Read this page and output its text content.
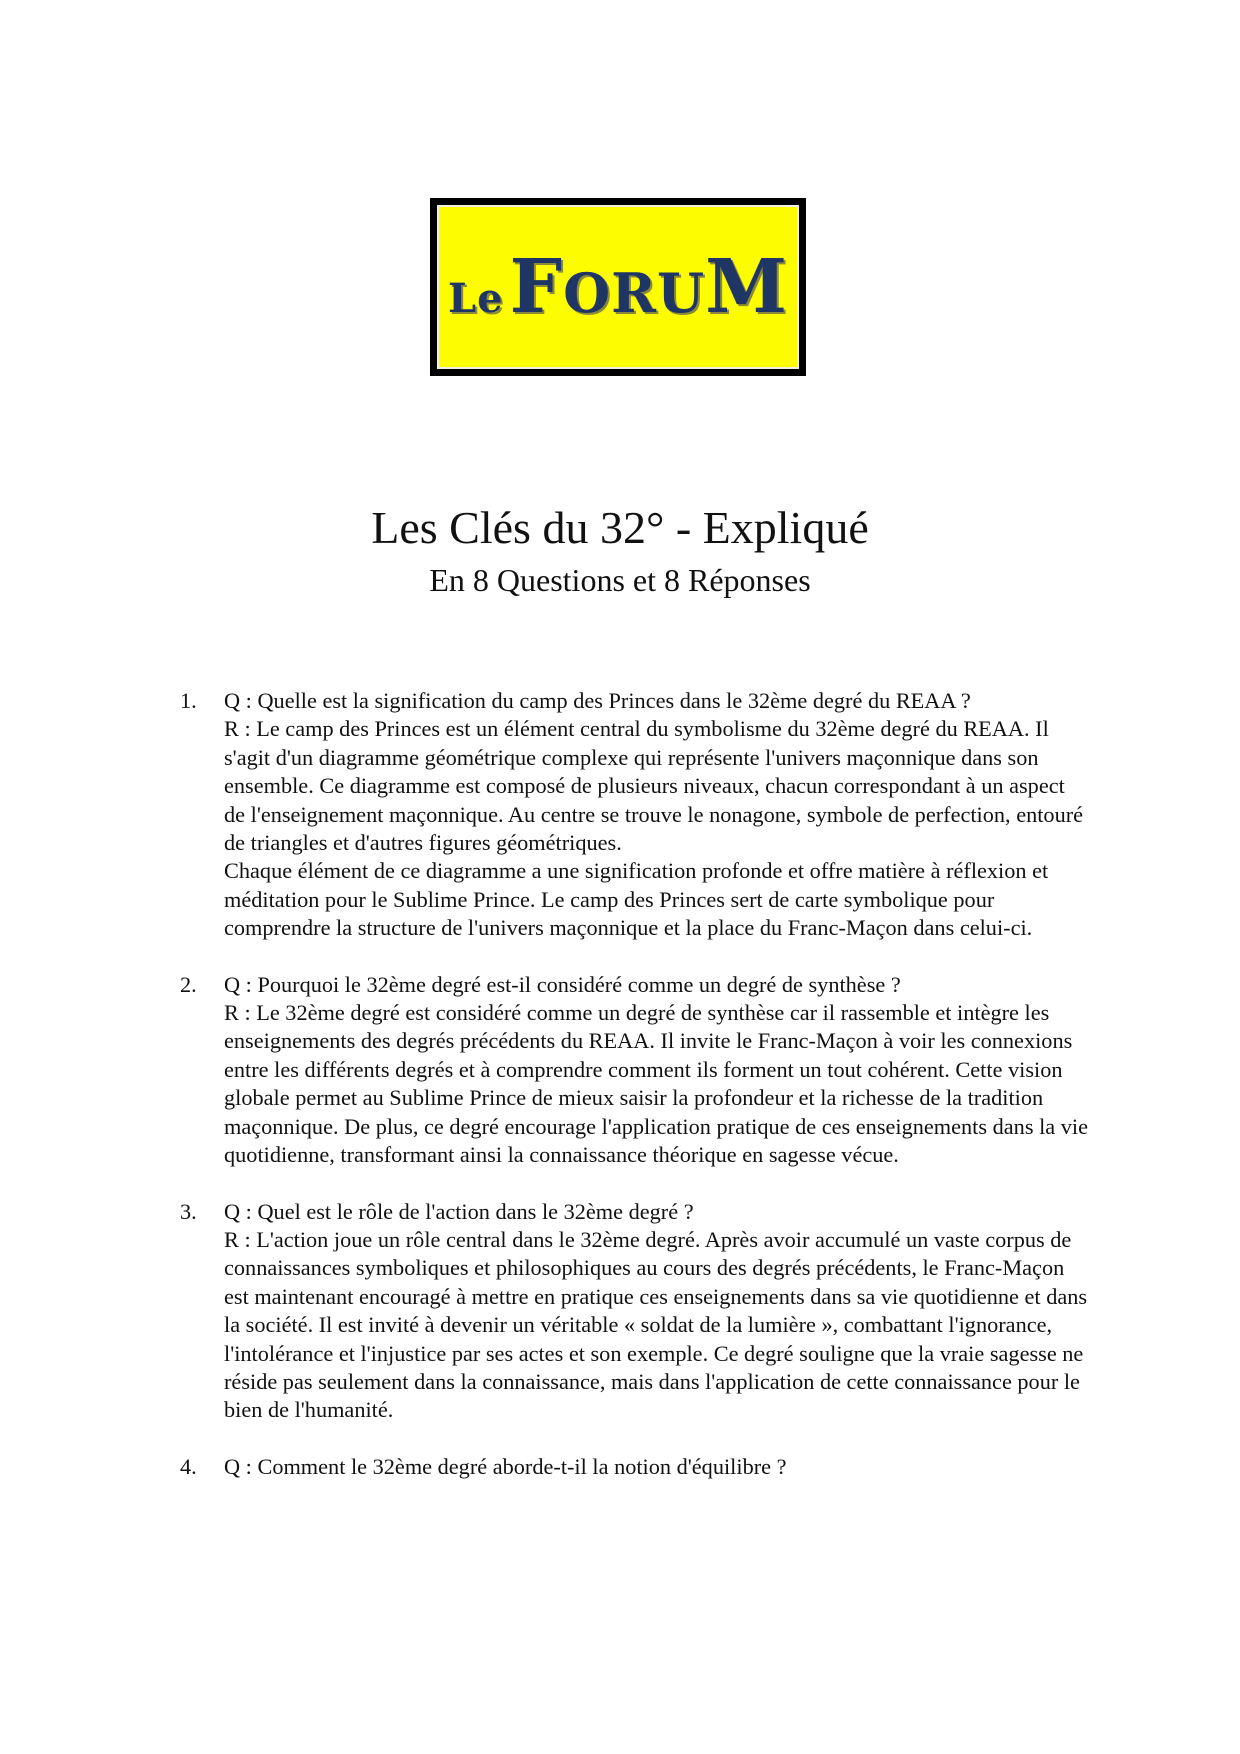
LeFORUM
Les Clés du 32° - Expliqué
En 8 Questions et 8 Réponses
1. Q : Quelle est la signification du camp des Princes dans le 32ème degré du REAA ?

R : Le camp des Princes est un élément central du symbolisme du 32ème degré du REAA. Il s'agit d'un diagramme géométrique complexe qui représente l'univers maçonnique dans son ensemble. Ce diagramme est composé de plusieurs niveaux, chacun correspondant à un aspect de l'enseignement maçonnique. Au centre se trouve le nonagone, symbole de perfection, entouré de triangles et d'autres figures géométriques.

Chaque élément de ce diagramme a une signification profonde et offre matière à réflexion et méditation pour le Sublime Prince. Le camp des Princes sert de carte symbolique pour comprendre la structure de l'univers maçonnique et la place du Franc-Maçon dans celui-ci.

2. Q : Pourquoi le 32ème degré est-il considéré comme un degré de synthèse ?

R : Le 32ème degré est considéré comme un degré de synthèse car il rassemble et intègre les enseignements des degrés précédents du REAA. Il invite le Franc-Maçon à voir les connexions entre les différents degrés et à comprendre comment ils forment un tout cohérent. Cette vision globale permet au Sublime Prince de mieux saisir la profondeur et la richesse de la tradition maçonnique. De plus, ce degré encourage l'application pratique de ces enseignements dans la vie quotidienne, transformant ainsi la connaissance théorique en sagesse vécue.

3. Q : Quel est le rôle de l'action dans le 32ème degré ?

R : L'action joue un rôle central dans le 32ème degré. Après avoir accumulé un vaste corpus de connaissances symboliques et philosophiques au cours des degrés précédents, le Franc-Maçon est maintenant encouragé à mettre en pratique ces enseignements dans sa vie quotidienne et dans la société. Il est invité à devenir un véritable « soldat de la lumière », combattant l'ignorance, l'intolérance et l'injustice par ses actes et son exemple. Ce degré souligne que la vraie sagesse ne réside pas seulement dans la connaissance, mais dans l'application de cette connaissance pour le bien de l'humanité.

4. Q : Comment le 32ème degré aborde-t-il la notion d'équilibre ?
